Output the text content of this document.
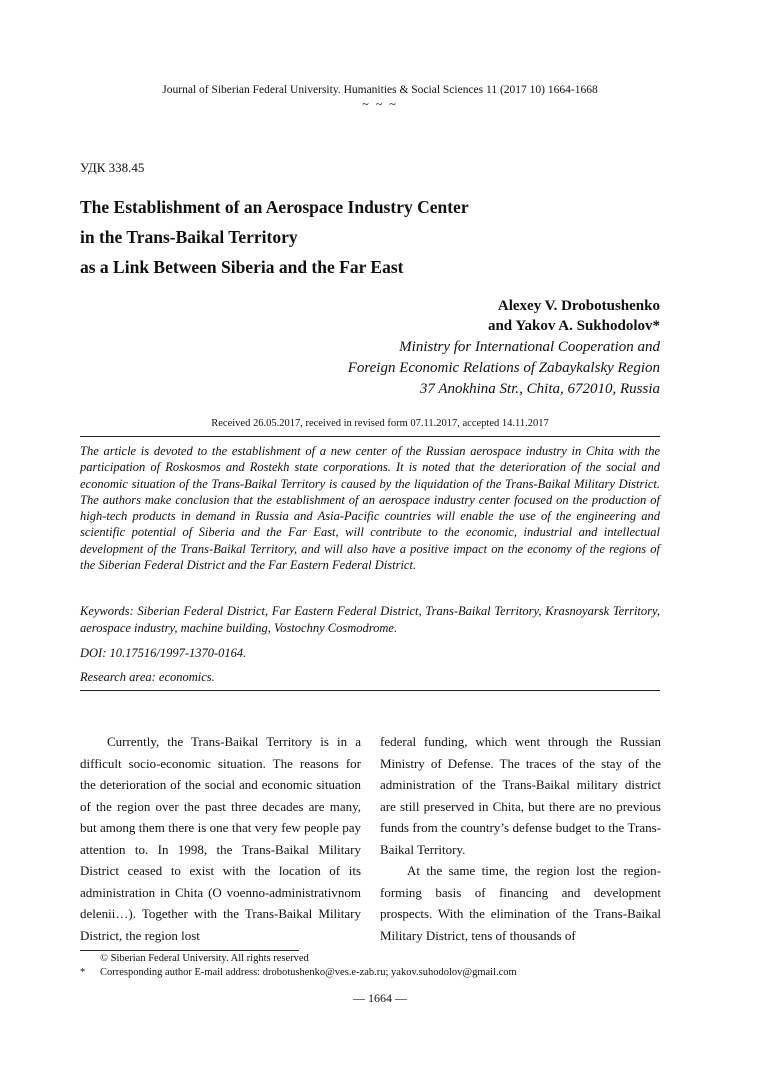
Journal of Siberian Federal University. Humanities & Social Sciences 11 (2017 10) 1664-1668
~ ~ ~
УДК 338.45
The Establishment of an Aerospace Industry Center
in the Trans-Baikal Territory
as a Link Between Siberia and the Far East
Alexey V. Drobotushenko
and Yakov A. Sukhodolov*
Ministry for International Cooperation and
Foreign Economic Relations of Zabaykalsky Region
37 Anokhina Str., Chita, 672010, Russia
Received 26.05.2017, received in revised form 07.11.2017, accepted 14.11.2017
The article is devoted to the establishment of a new center of the Russian aerospace industry in Chita with the participation of Roskosmos and Rostekh state corporations. It is noted that the deterioration of the social and economic situation of the Trans-Baikal Territory is caused by the liquidation of the Trans-Baikal Military District. The authors make conclusion that the establishment of an aerospace industry center focused on the production of high-tech products in demand in Russia and Asia-Pacific countries will enable the use of the engineering and scientific potential of Siberia and the Far East, will contribute to the economic, industrial and intellectual development of the Trans-Baikal Territory, and will also have a positive impact on the economy of the regions of the Siberian Federal District and the Far Eastern Federal District.
Keywords: Siberian Federal District, Far Eastern Federal District, Trans-Baikal Territory, Krasnoyarsk Territory, aerospace industry, machine building, Vostochny Cosmodrome.
DOI: 10.17516/1997-1370-0164.
Research area: economics.

Currently, the Trans-Baikal Territory is in a difficult socio-economic situation. The reasons for the deterioration of the social and economic situation of the region over the past three decades are many, but among them there is one that very few people pay attention to. In 1998, the Trans-Baikal Military District ceased to exist with the location of its administration in Chita (O voenno-administrativnom delenii…). Together with the Trans-Baikal Military District, the region lost

federal funding, which went through the Russian Ministry of Defense. The traces of the stay of the administration of the Trans-Baikal military district are still preserved in Chita, but there are no previous funds from the country’s defense budget to the Trans-Baikal Territory.

At the same time, the region lost the region-forming basis of financing and development prospects. With the elimination of the Trans-Baikal Military District, tens of thousands of

© Siberian Federal University. All rights reserved
* Corresponding author E-mail address: drobotushenko@ves.e-zab.ru; yakov.suhodolov@gmail.com
— 1664 —
